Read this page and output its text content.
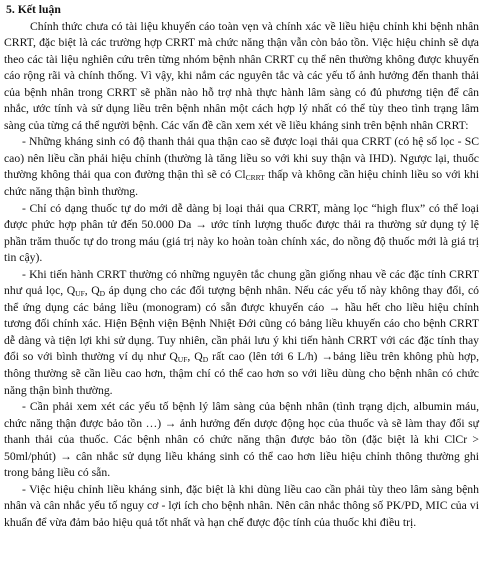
5. Kết luận

Chính thức chưa có tài liệu khuyến cáo toàn vẹn và chính xác về liều hiệu chỉnh khi bệnh nhân CRRT, đặc biệt là các trường hợp CRRT mà chức năng thận vẫn còn bảo tồn. Việc hiệu chỉnh sẽ dựa theo các tài liệu nghiên cứu trên từng nhóm bệnh nhân CRRT cụ thể nên thường không được khuyến cáo rộng rãi và chính thống. Vì vậy, khi nắm các nguyên tắc và các yếu tố ảnh hưởng đến thanh thải của bệnh nhân trong CRRT sẽ phần nào hỗ trợ nhà thực hành lâm sàng có đủ phương tiện để cân nhắc, ước tính và sử dụng liều trên bệnh nhân một cách hợp lý nhất có thể tùy theo tình trạng lâm sàng của từng cá thể người bệnh. Các vấn đề cần xem xét về liều kháng sinh trên bệnh nhân CRRT:

- Những kháng sinh có độ thanh thải qua thận cao sẽ được loại thải qua CRRT (có hệ số lọc - SC cao) nên liều cần phải hiệu chỉnh (thường là tăng liều so với khi suy thận và IHD). Ngược lại, thuốc thường không thải qua con đường thận thì sẽ có $Cl_{CRRT}$ thấp và không cần hiệu chỉnh liều so với khi chức năng thận bình thường.

- Chỉ có dạng thuốc tự do mới dễ dàng bị loại thải qua CRRT, màng lọc “high flux” có thể loại được phức hợp phân tử đến 50.000 Da → ước tính lượng thuốc được thải ra thường sử dụng tỷ lệ phần trăm thuốc tự do trong máu (giá trị này ko hoàn toàn chính xác, do nồng độ thuốc mới là giá trị tin cậy).

- Khi tiến hành CRRT thường có những nguyên tắc chung gần giống nhau về các đặc tính CRRT như quả lọc, $Q_{UF}$, $Q_D$ áp dụng cho các đối tượng bệnh nhân. Nếu các yếu tố này không thay đổi, có thể ứng dụng các bảng liều (monogram) có sẵn được khuyến cáo → hầu hết cho liều hiệu chỉnh tương đối chính xác. Hiện Bệnh viện Bệnh Nhiệt Đới cũng có bảng liều khuyến cáo cho bệnh CRRT dễ dàng và tiện lợi khi sử dụng. Tuy nhiên, cần phải lưu ý khi tiến hành CRRT với các đặc tính thay đổi so với bình thường ví dụ như $Q_{UF}$, $Q_D$ rất cao (lên tới 6 L/h) →bảng liều trên không phù hợp, thông thường sẽ cần liều cao hơn, thậm chí có thể cao hơn so với liều dùng cho bệnh nhân có chức năng thận bình thường.

- Cần phải xem xét các yếu tố bệnh lý lâm sàng của bệnh nhân (tình trạng dịch, albumin máu, chức năng thận được bảo tồn …) → ảnh hưởng đến dược động học của thuốc và sẽ làm thay đổi sự thanh thải của thuốc. Các bệnh nhân có chức năng thận được bảo tồn (đặc biệt là khi ClCr > 50ml/phút) → cân nhắc sử dụng liều kháng sinh có thể cao hơn liều hiệu chỉnh thông thường ghi trong bảng liều có sẵn.

- Việc hiệu chỉnh liều kháng sinh, đặc biệt là khi dùng liều cao cần phải tùy theo lâm sàng bệnh nhân và cân nhắc yếu tố nguy cơ - lợi ích cho bệnh nhân. Nên cân nhắc thông số PK/PD, MIC của vi khuẩn để vừa đảm bảo hiệu quả tốt nhất và hạn chế được độc tính của thuốc khi điều trị.
